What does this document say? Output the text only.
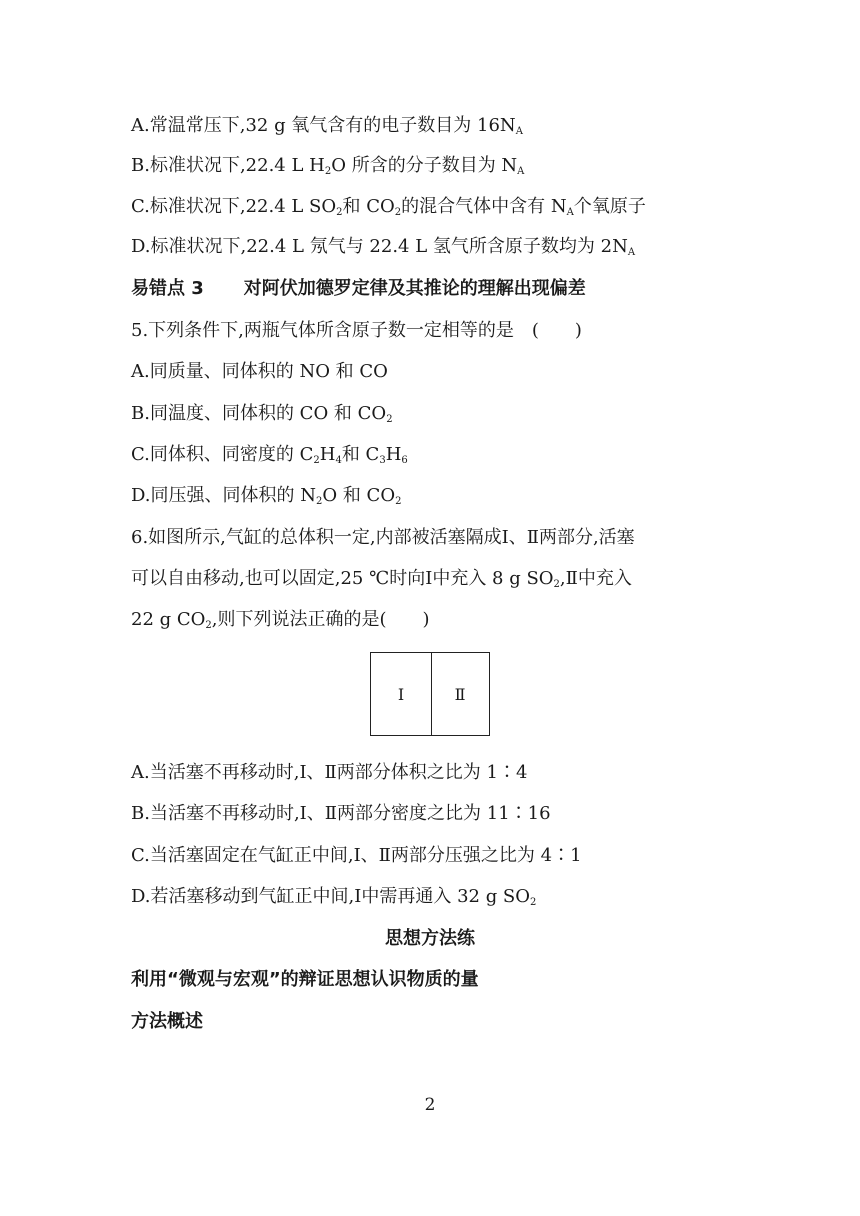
A.常温常压下,32 g 氧气含有的电子数目为 $16N_A$
B.标准状况下,22.4 L $H_2O$ 所含的分子数目为 $N_A$
C.标准状况下,22.4 L $SO_2$和 $CO_2$的混合气体中含有 $N_A$个氧原子
D.标准状况下,22.4 L 氖气与 22.4 L 氢气所含原子数均为 $2N_A$
易错点 3 对阿伏加德罗定律及其推论的理解出现偏差
5.下列条件下,两瓶气体所含原子数一定相等的是　(　　)
A.同质量、同体积的 NO 和 CO
B.同温度、同体积的 CO 和 $CO_2$
C.同体积、同密度的 $C_2H_4$和 $C_3H_6$
D.同压强、同体积的 $N_2O$ 和 $CO_2$
6.如图所示,气缸的总体积一定,内部被活塞隔成Ⅰ、Ⅱ两部分,活塞
可以自由移动,也可以固定,25 ℃时向Ⅰ中充入 8 g $SO_2,Ⅱ$中充入
22 g $CO_2$,则下列说法正确的是(　　)
Ⅰ	Ⅱ
A.当活塞不再移动时,Ⅰ、Ⅱ两部分体积之比为 1∶4
B.当活塞不再移动时,Ⅰ、Ⅱ两部分密度之比为 11∶16
C.当活塞固定在气缸正中间,Ⅰ、Ⅱ两部分压强之比为 4∶1
D.若活塞移动到气缸正中间,Ⅰ中需再通入 32 g $SO_2$
思想方法练
利用“微观与宏观”的辩证思想认识物质的量
方法概述
2
